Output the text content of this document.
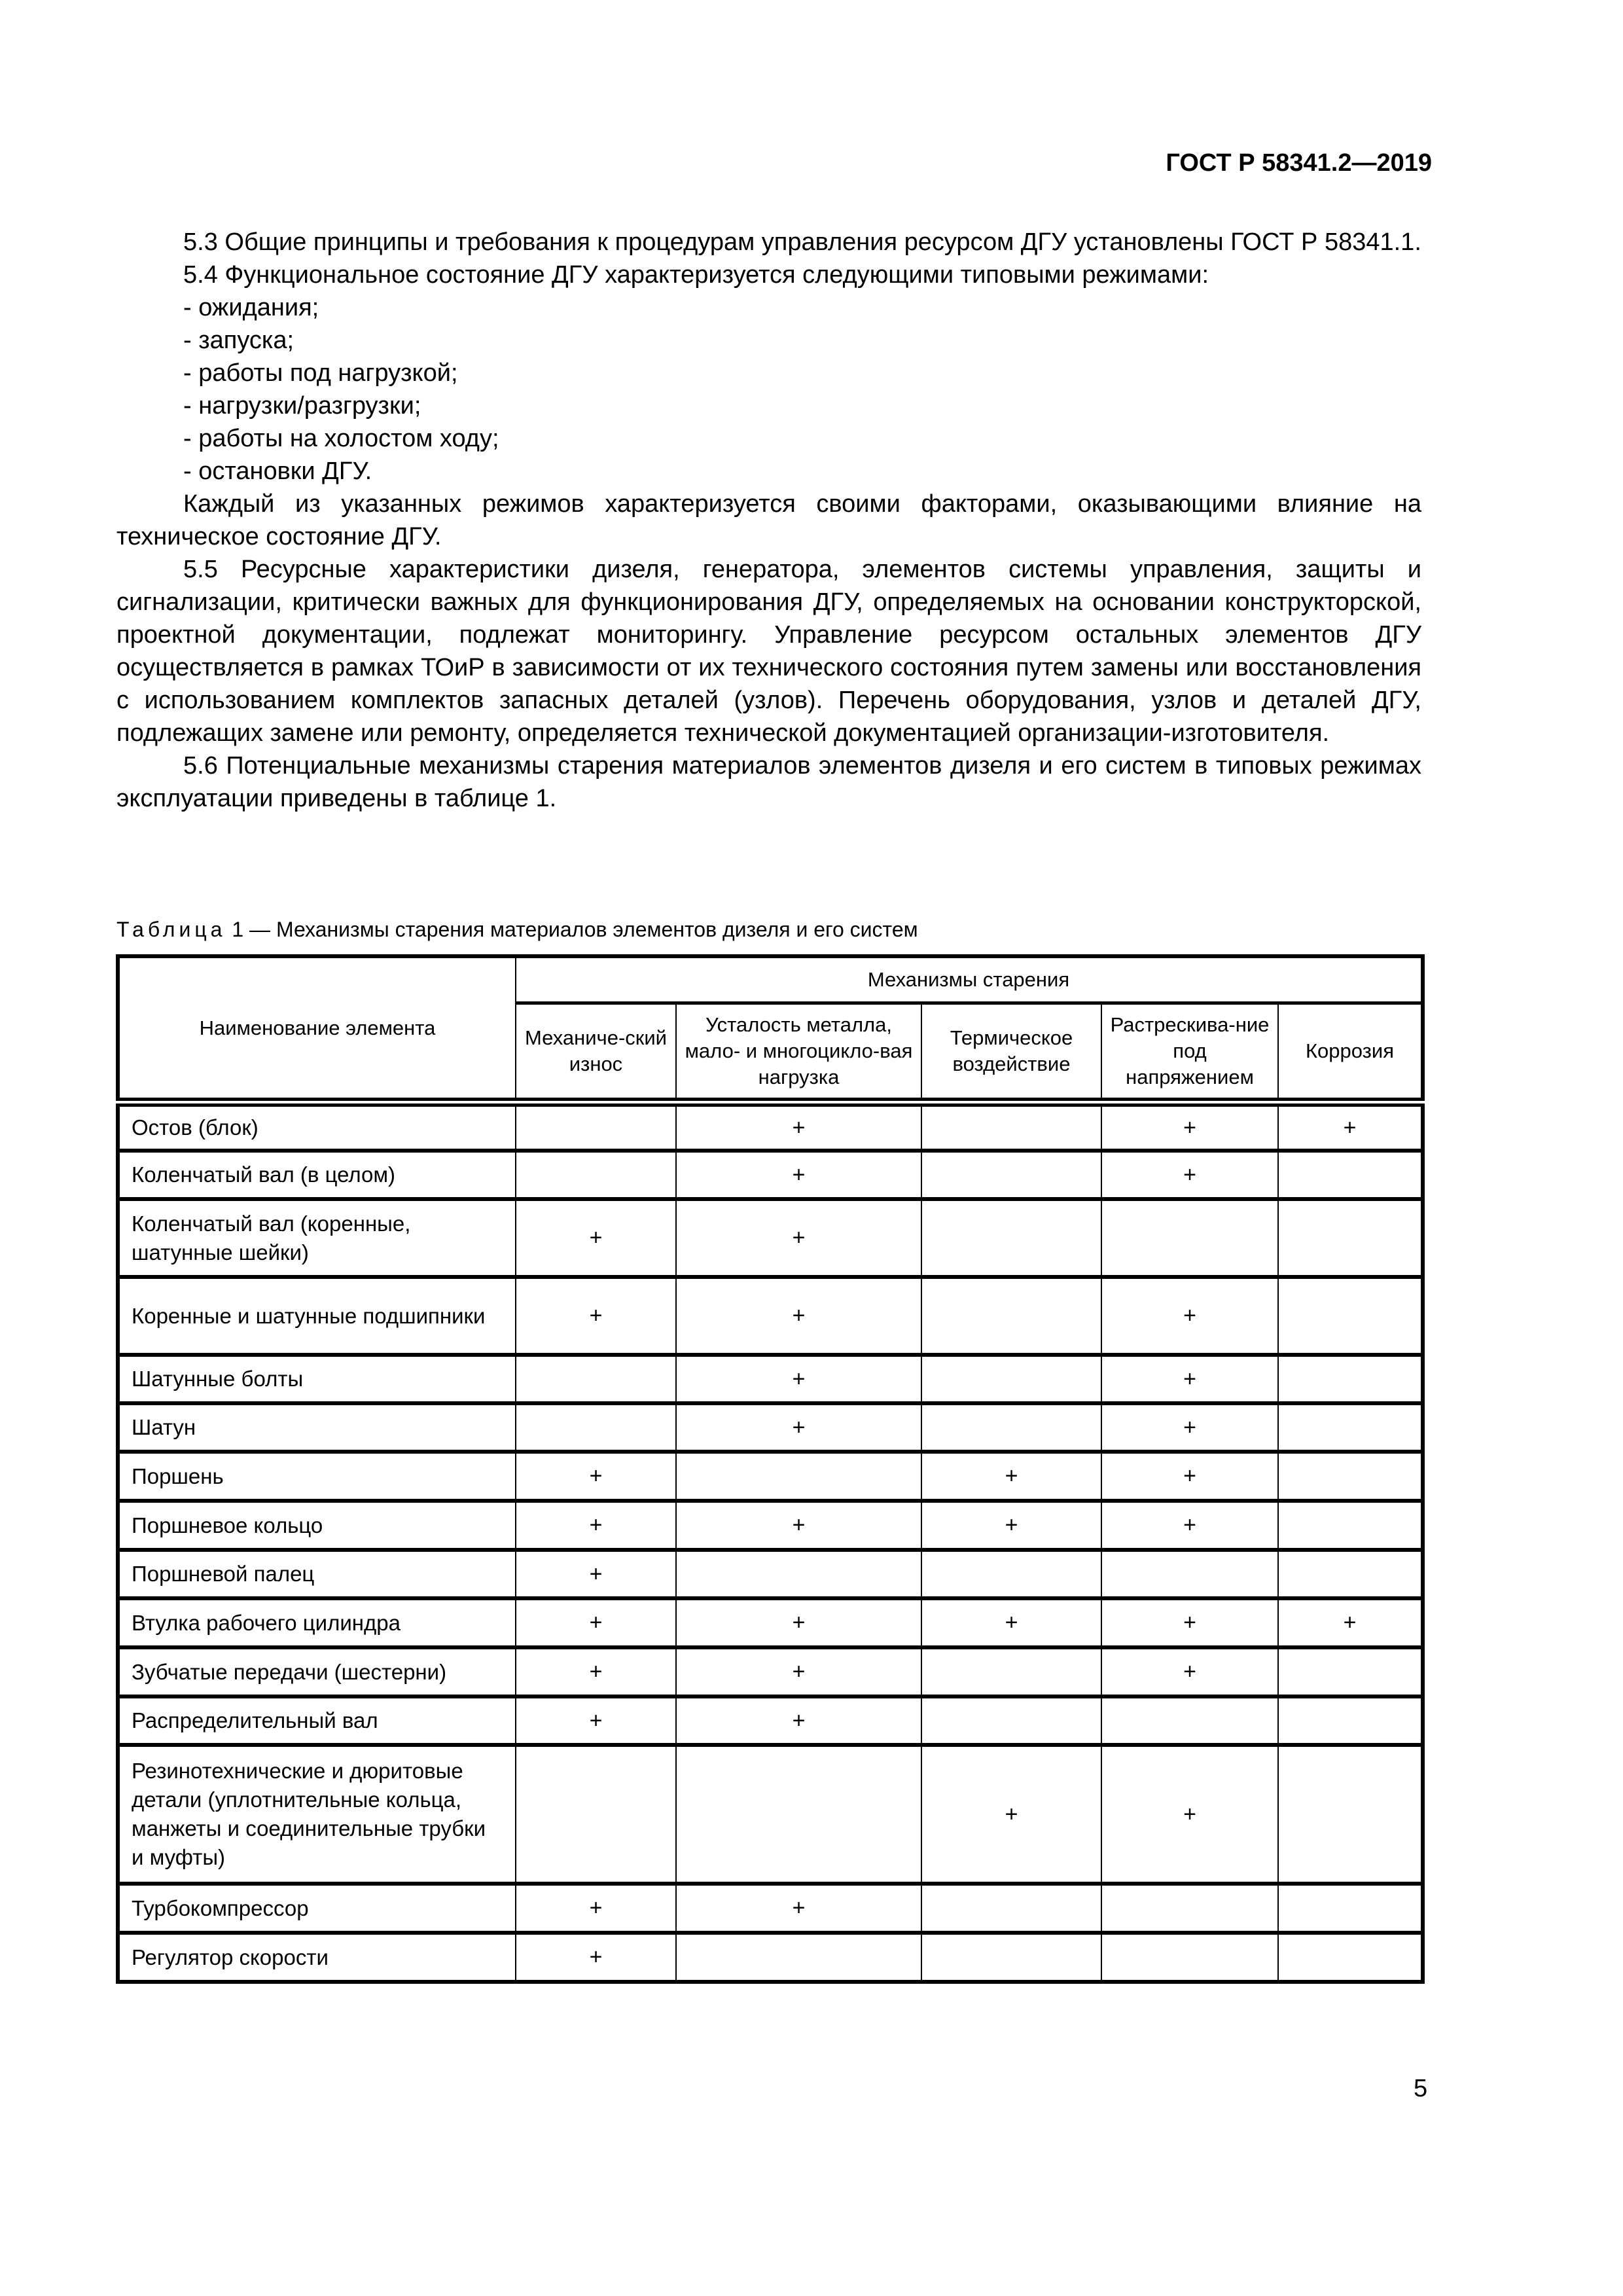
ГОСТ Р 58341.2—2019

5.3 Общие принципы и требования к процедурам управления ресурсом ДГУ установлены ГОСТ Р 58341.1.

5.4 Функциональное состояние ДГУ характеризуется следующими типовыми режимами:

- ожидания;

- запуска;

- работы под нагрузкой;

- нагрузки/разгрузки;

- работы на холостом ходу;

- остановки ДГУ.

Каждый из указанных режимов характеризуется своими факторами, оказывающими влияние на техническое состояние ДГУ.

5.5 Ресурсные характеристики дизеля, генератора, элементов системы управления, защиты и сигнализации, критически важных для функционирования ДГУ, определяемых на основании конструкторской, проектной документации, подлежат мониторингу. Управление ресурсом остальных элементов ДГУ осуществляется в рамках ТОиР в зависимости от их технического состояния путем замены или восстановления с использованием комплектов запасных деталей (узлов). Перечень оборудования, узлов и деталей ДГУ, подлежащих замене или ремонту, определяется технической документацией организации-изготовителя.

5.6 Потенциальные механизмы старения материалов элементов дизеля и его систем в типовых режимах эксплуатации приведены в таблице 1.

Таблица 1 — Механизмы старения материалов элементов дизеля и его систем
Наименование элемента	Механизмы старения				
	Механиче-ский износ	Усталость металла, мало- и многоцикло-вая нагрузка	Термическое воздействие	Растрескива-ние под напряжением	Коррозия
Остов (блок)		+		+	+
Коленчатый вал (в целом)		+		+	
Коленчатый вал (коренные, шатунные шейки)	+	+			
Коренные и шатунные подшипники	+	+		+	
Шатунные болты		+		+	
Шатун		+		+	
Поршень	+		+	+	
Поршневое кольцо	+	+	+	+	
Поршневой палец	+				
Втулка рабочего цилиндра	+	+	+	+	+
Зубчатые передачи (шестерни)	+	+		+	
Распределительный вал	+	+			
Резинотехнические и дюритовые детали (уплотнительные кольца, манжеты и соединительные трубки и муфты)			+	+	
Турбокомпрессор	+	+			
Регулятор скорости	+				
5
